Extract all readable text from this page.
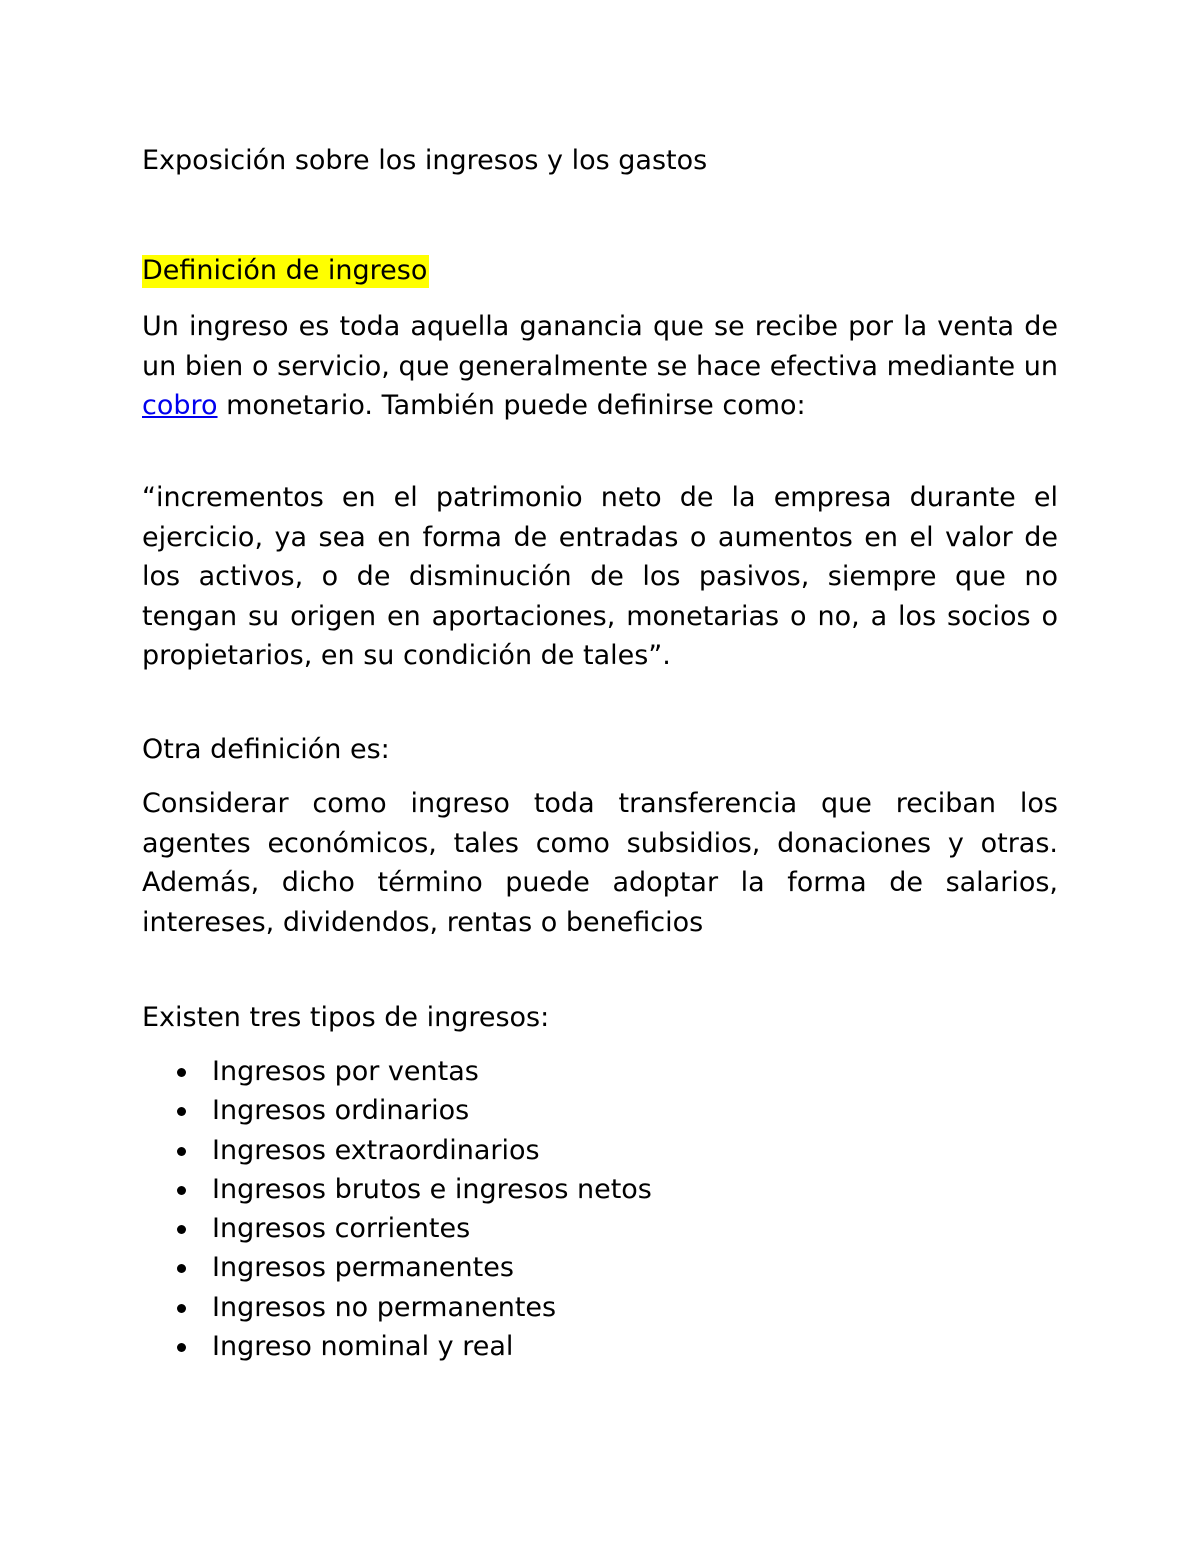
Exposición sobre los ingresos y los gastos
Definición de ingreso

Un ingreso es toda aquella ganancia que se recibe por la venta de un bien o servicio, que generalmente se hace efectiva mediante un cobro monetario. También puede definirse como:

“incrementos en el patrimonio neto de la empresa durante el ejercicio, ya sea en forma de entradas o aumentos en el valor de los activos, o de disminución de los pasivos, siempre que no tengan su origen en aportaciones, monetarias o no, a los socios o propietarios, en su condición de tales”.

Otra definición es:

Considerar como ingreso toda transferencia que reciban los agentes económicos, tales como subsidios, donaciones y otras. Además, dicho término puede adoptar la forma de salarios, intereses, dividendos, rentas o beneficios

Existen tres tipos de ingresos:

Ingresos por ventas
Ingresos ordinarios
Ingresos extraordinarios
Ingresos brutos e ingresos netos
Ingresos corrientes
Ingresos permanentes
Ingresos no permanentes
Ingreso nominal y real
